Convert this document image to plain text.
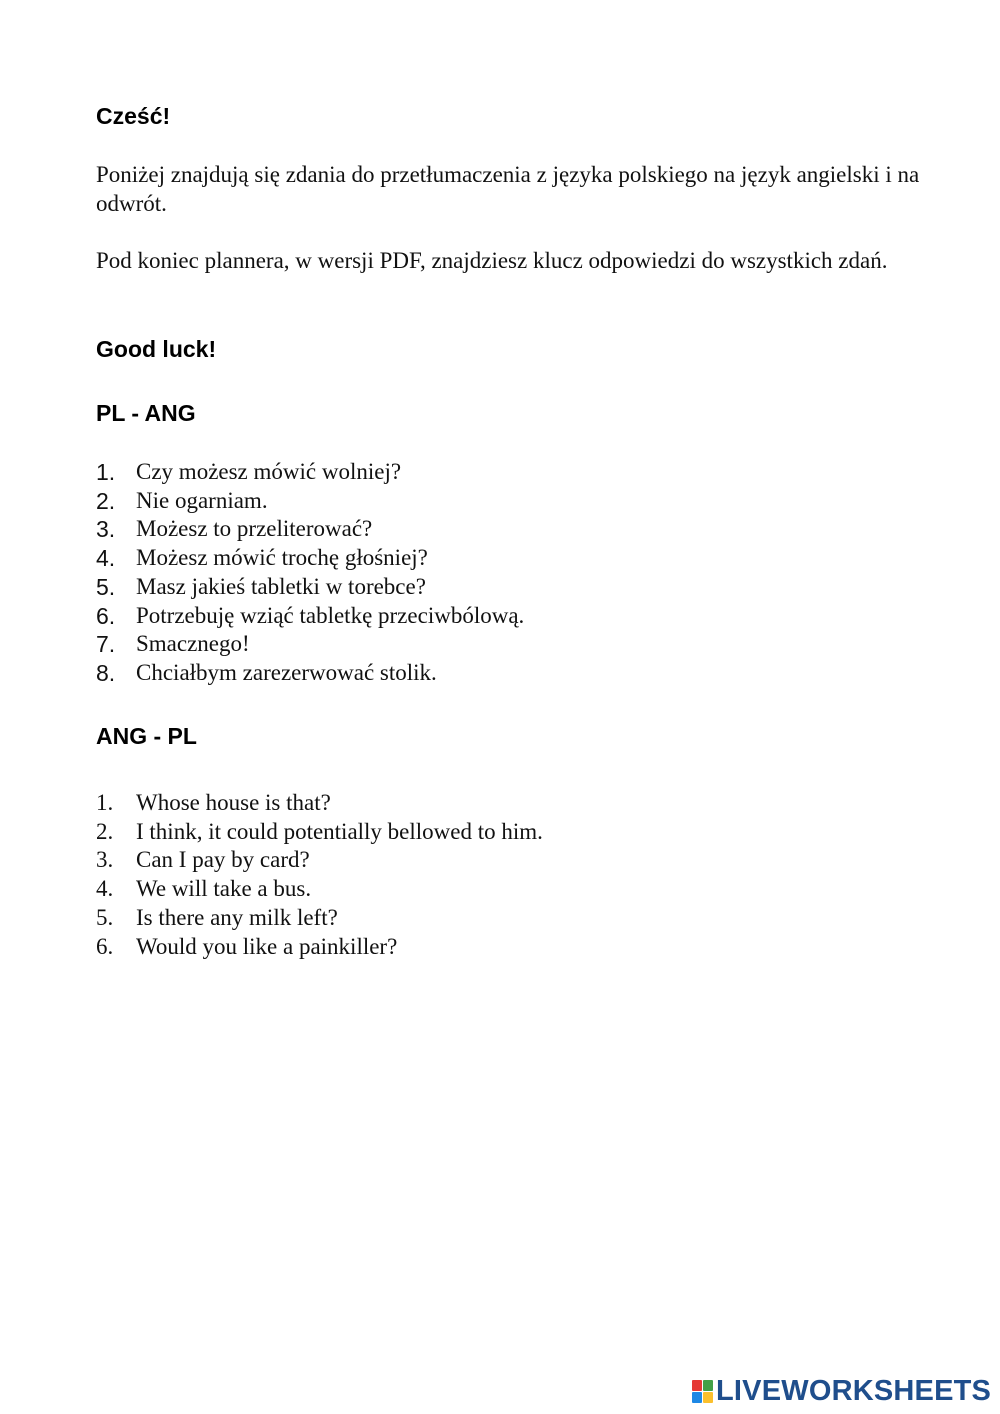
Cześć!

Poniżej znajdują się zdania do przetłumaczenia z języka polskiego na język angielski i na odwrót.

Pod koniec plannera, w wersji PDF, znajdziesz klucz odpowiedzi do wszystkich zdań.

Good luck!
PL - ANG
1. Czy możesz mówić wolniej?
2. Nie ogarniam.
3. Możesz to przeliterować?
4. Możesz mówić trochę głośniej?
5. Masz jakieś tabletki w torebce?
6. Potrzebuję wziąć tabletkę przeciwbólową.
7. Smacznego!
8. Chciałbym zarezerwować stolik.
ANG - PL
1. Whose house is that?
2. I think, it could potentially bellowed to him.
3. Can I pay by card?
4. We will take a bus.
5. Is there any milk left?
6. Would you like a painkiller?
LIVEWORKSHEETS
